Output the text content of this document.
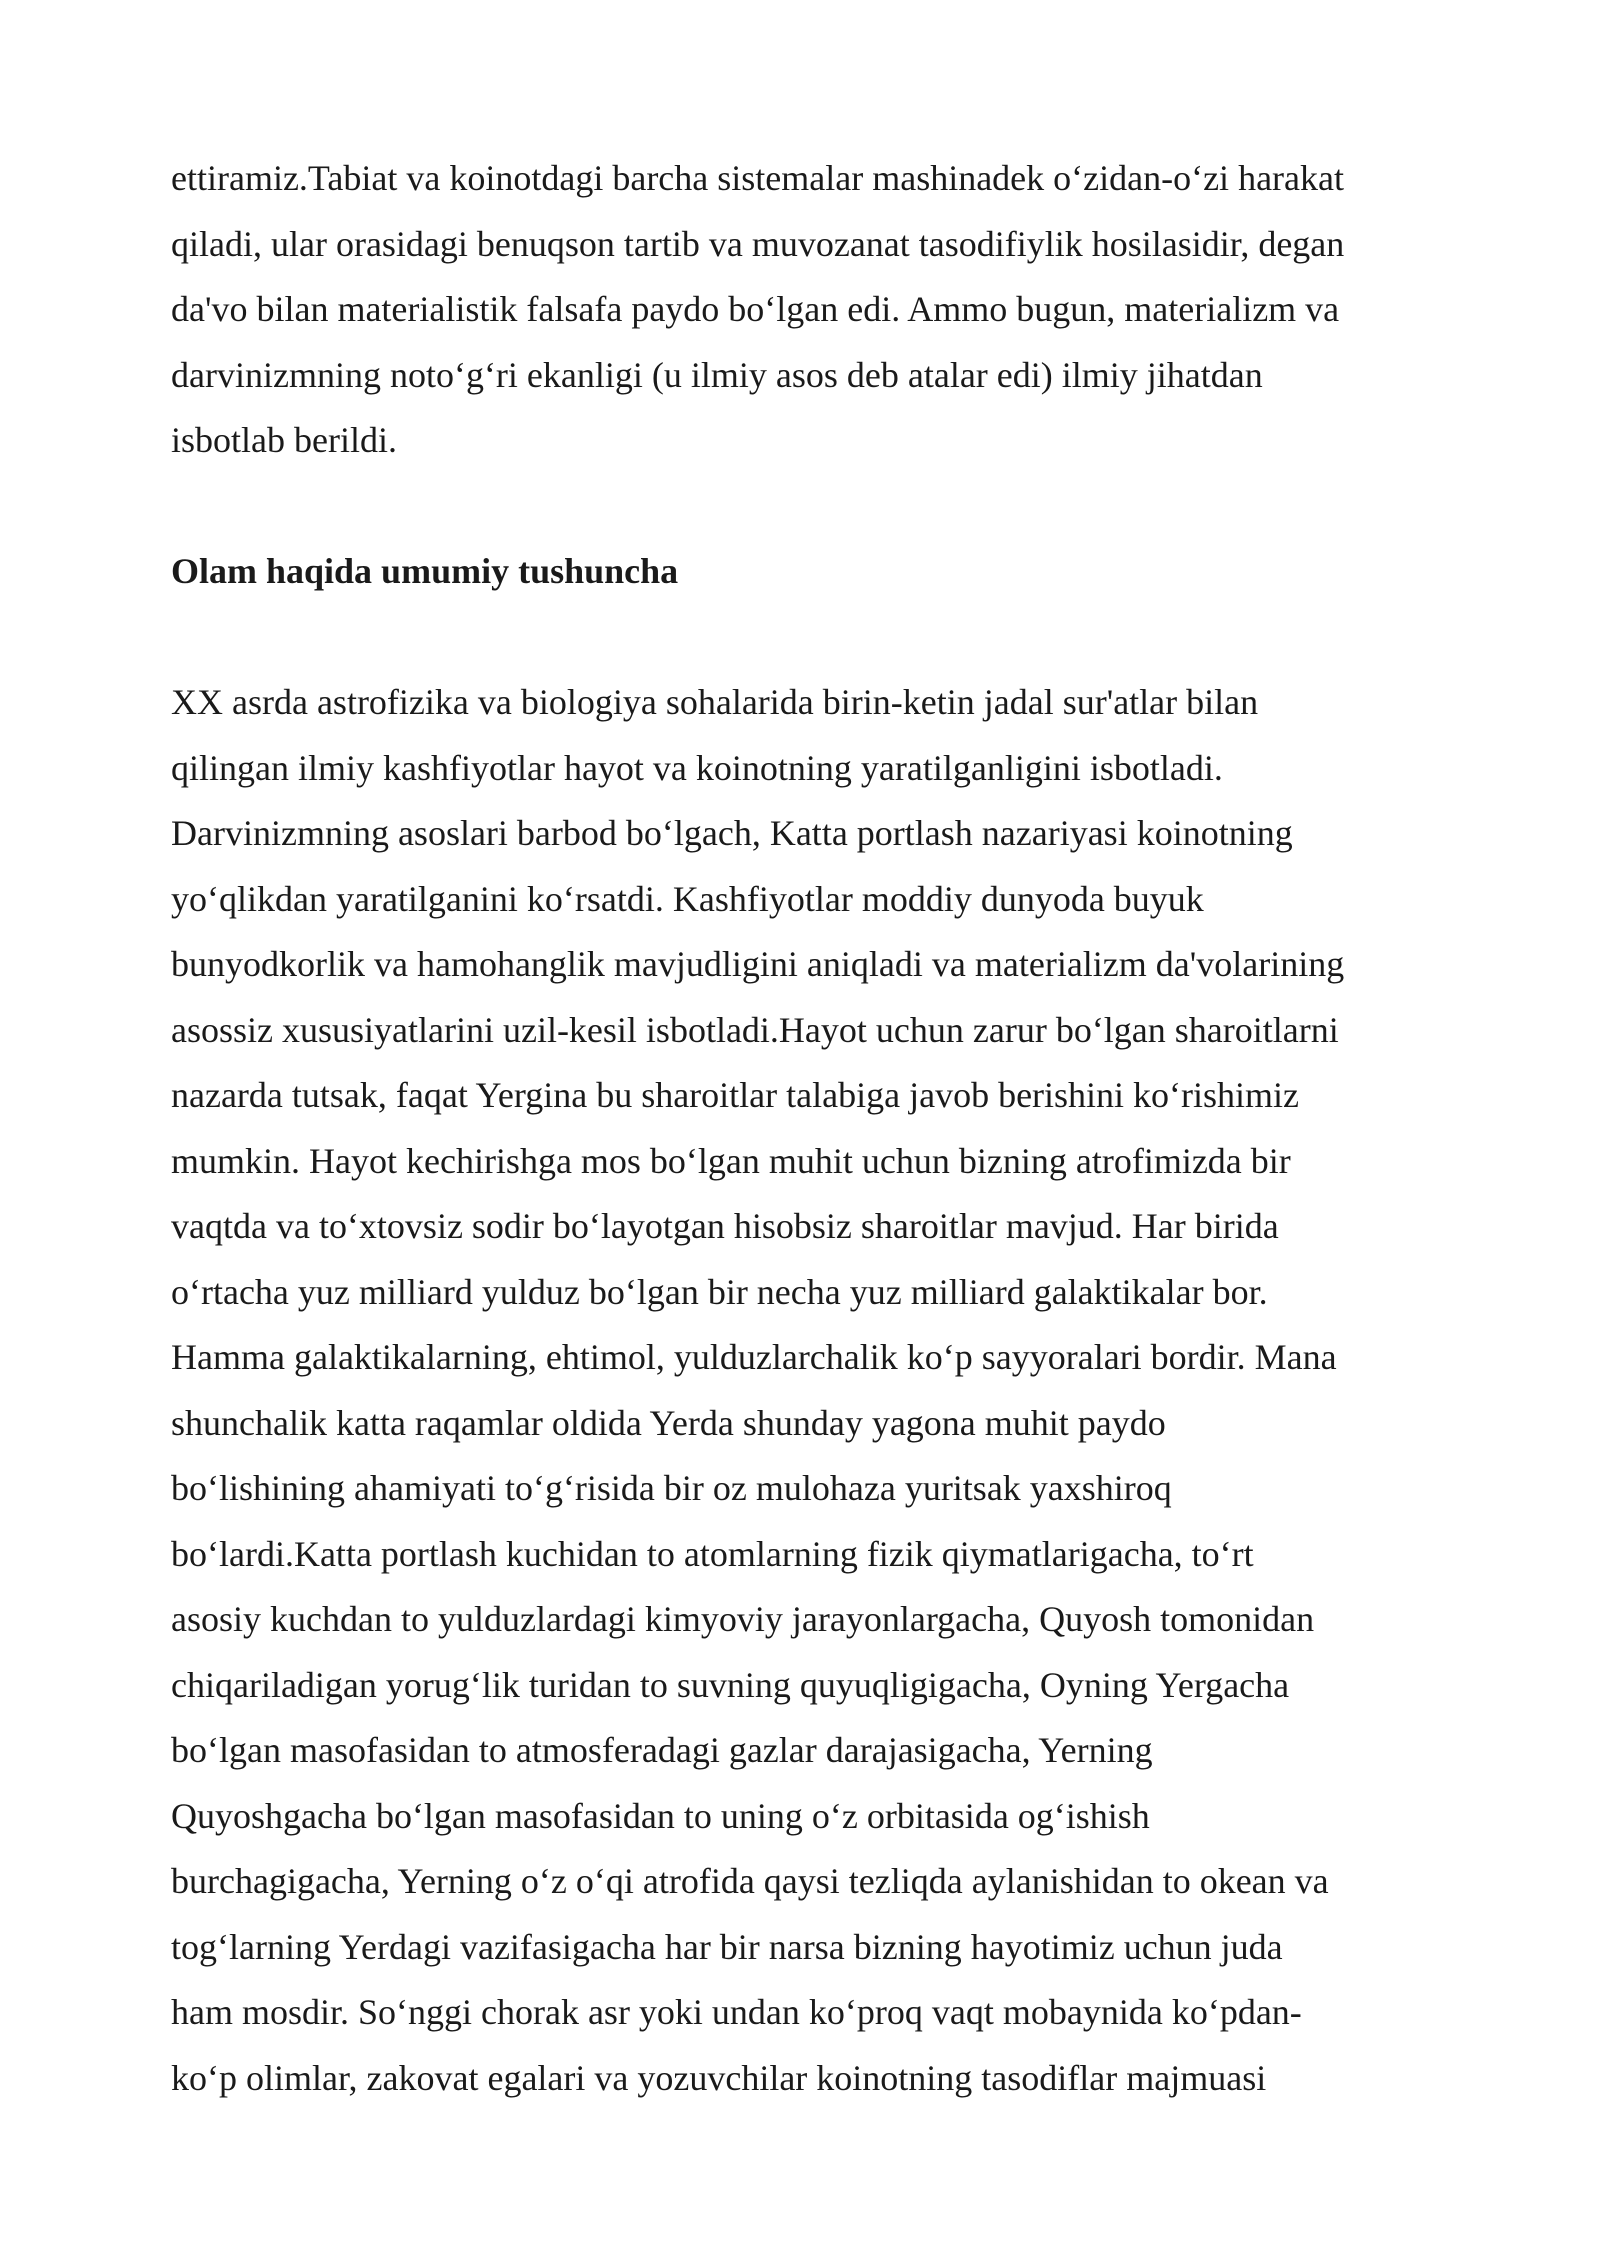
ettiramiz.Tabiat va koinotdagi barcha sistemalar mashinadek oʻzidan-oʻzi harakat
qiladi, ular orasidagi benuqson tartib va muvozanat tasodifiylik hosilasidir, degan
da'vo bilan materialistik falsafa paydo boʻlgan edi. Ammo bugun, materializm va
darvinizmning notoʻgʻri ekanligi (u ilmiy asos deb atalar edi) ilmiy jihatdan
isbotlab berildi.

Olam haqida umumiy tushuncha

XX asrda astrofizika va biologiya sohalarida birin-ketin jadal sur'atlar bilan
qilingan ilmiy kashfiyotlar hayot va koinotning yaratilganligini isbotladi.
Darvinizmning asoslari barbod boʻlgach, Katta portlash nazariyasi koinotning
yoʻqlikdan yaratilganini koʻrsatdi. Kashfiyotlar moddiy dunyoda buyuk
bunyodkorlik va hamohanglik mavjudligini aniqladi va materializm da'volarining
asossiz xususiyatlarini uzil-kesil isbotladi.Hayot uchun zarur boʻlgan sharoitlarni
nazarda tutsak, faqat Yergina bu sharoitlar talabiga javob berishini koʻrishimiz
mumkin. Hayot kechirishga mos boʻlgan muhit uchun bizning atrofimizda bir
vaqtda va toʻxtovsiz sodir boʻlayotgan hisobsiz sharoitlar mavjud. Har birida
oʻrtacha yuz milliard yulduz boʻlgan bir necha yuz milliard galaktikalar bor.
Hamma galaktikalarning, ehtimol, yulduzlarchalik koʻp sayyoralari bordir. Mana
shunchalik katta raqamlar oldida Yerda shunday yagona muhit paydo
boʻlishining ahamiyati toʻgʻrisida bir oz mulohaza yuritsak yaxshiroq
boʻlardi.Katta portlash kuchidan to atomlarning fizik qiymatlarigacha, toʻrt
asosiy kuchdan to yulduzlardagi kimyoviy jarayonlargacha, Quyosh tomonidan
chiqariladigan yorugʻlik turidan to suvning quyuqligigacha, Oyning Yergacha
boʻlgan masofasidan to atmosferadagi gazlar darajasigacha, Yerning
Quyoshgacha boʻlgan masofasidan to uning oʻz orbitasida ogʻishish
burchagigacha, Yerning oʻz oʻqi atrofida qaysi tezliqda aylanishidan to okean va
togʻlarning Yerdagi vazifasigacha har bir narsa bizning hayotimiz uchun juda
ham mosdir. Soʻnggi chorak asr yoki undan koʻproq vaqt mobaynida koʻpdan-
koʻp olimlar, zakovat egalari va yozuvchilar koinotning tasodiflar majmuasi
